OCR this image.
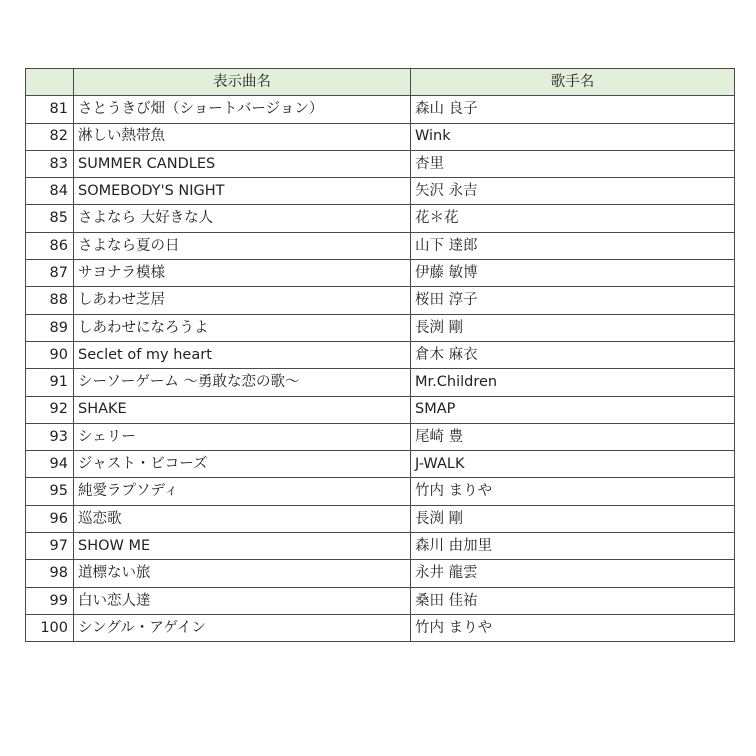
	表示曲名	歌手名
81	さとうきび畑（ショートバージョン）	森山 良子
82	淋しい熱帯魚	Wink
83	SUMMER CANDLES	杏里
84	SOMEBODY'S NIGHT	矢沢 永吉
85	さよなら 大好きな人	花＊花
86	さよなら夏の日	山下 達郎
87	サヨナラ模様	伊藤 敏博
88	しあわせ芝居	桜田 淳子
89	しあわせになろうよ	長渕 剛
90	Seclet of my heart	倉木 麻衣
91	シーソーゲーム ～勇敢な恋の歌～	Mr.Children
92	SHAKE	SMAP
93	シェリー	尾崎 豊
94	ジャスト・ビコーズ	J-WALK
95	純愛ラプソディ	竹内 まりや
96	巡恋歌	長渕 剛
97	SHOW ME	森川 由加里
98	道標ない旅	永井 龍雲
99	白い恋人達	桑田 佳祐
100	シングル・アゲイン	竹内 まりや
